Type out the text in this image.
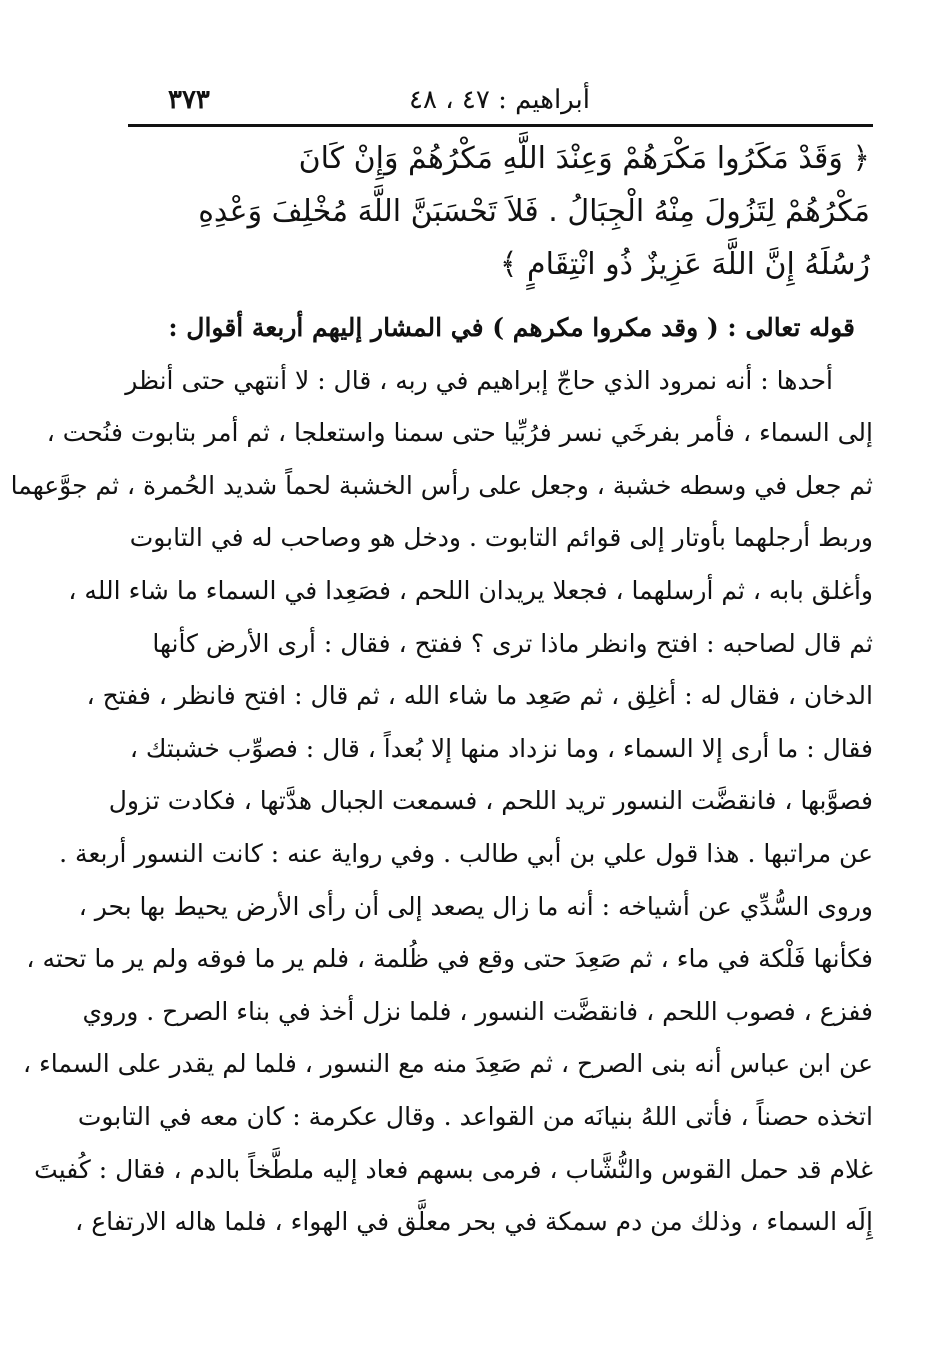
أبراهيم : ٤٧ ، ٤٨
٣٧٣
﴿ وَقَدْ مَكَرُوا مَكْرَهُمْ وَعِنْدَ اللَّهِ مَكْرُهُمْ وَإِنْ كَانَ
مَكْرُهُمْ لِتَزُولَ مِنْهُ الْجِبَالُ . فَلاَ تَحْسَبَنَّ اللَّهَ مُخْلِفَ وَعْدِهِ
رُسُلَهُ إِنَّ اللَّهَ عَزِيزٌ ذُو انْتِقَامٍ ﴾
قوله تعالى : ( وقد مكروا مكرهم ) في المشار إليهم أربعة أقوال :
أحدها : أنه نمرود الذي حاجّ إبراهيم في ربه ، قال : لا أنتهي حتى أنظر
إلى السماء ، فأمر بفرخَي نسر فرُبِّيا حتى سمنا واستعلجا ، ثم أمر بتابوت فنُحت ،
ثم جعل في وسطه خشبة ، وجعل على رأس الخشبة لحماً شديد الحُمرة ، ثم جوَّعهما
وربط أرجلهما بأوتار إلى قوائم التابوت . ودخل هو وصاحب له في التابوت
وأغلق بابه ، ثم أرسلهما ، فجعلا يريدان اللحم ، فصَعِدا في السماء ما شاء الله ،
ثم قال لصاحبه : افتح وانظر ماذا ترى ؟ ففتح ، فقال : أرى الأرض كأنها
الدخان ، فقال له : أغلِق ، ثم صَعِد ما شاء الله ، ثم قال : افتح فانظر ، ففتح ،
فقال : ما أرى إلا السماء ، وما نزداد منها إلا بُعداً ، قال : فصوِّب خشبتك ،
فصوَّبها ، فانقضَّت النسور تريد اللحم ، فسمعت الجبال هدَّتها ، فكادت تزول
عن مراتبها . هذا قول علي بن أبي طالب . وفي رواية عنه : كانت النسور أربعة .
وروى السُّدِّي عن أشياخه : أنه ما زال يصعد إلى أن رأى الأرض يحيط بها بحر ،
فكأنها فَلْكة في ماء ، ثم صَعِدَ حتى وقع في ظُلمة ، فلم ير ما فوقه ولم ير ما تحته ،
ففزع ، فصوب اللحم ، فانقضَّت النسور ، فلما نزل أخذ في بناء الصرح . وروي
عن ابن عباس أنه بنى الصرح ، ثم صَعِدَ منه مع النسور ، فلما لم يقدر على السماء ،
اتخذه حصناً ، فأتى اللهُ بنيانَه من القواعد . وقال عكرمة : كان معه في التابوت
غلام قد حمل القوس والنُّشَّاب ، فرمى بسهم فعاد إليه ملطَّخاً بالدم ، فقال : كُفيتَ
إِلَه السماء ، وذلك من دم سمكة في بحر معلَّق في الهواء ، فلما هاله الارتفاع ،
